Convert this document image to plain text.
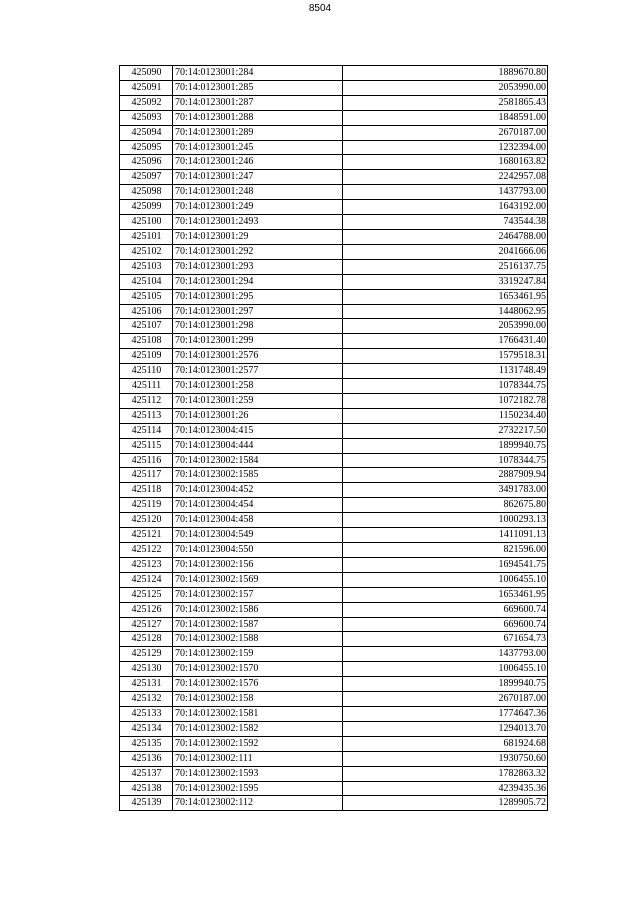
8504
425090	70:14:0123001:284	1889670.80
425091	70:14:0123001:285	2053990.00
425092	70:14:0123001:287	2581865.43
425093	70:14:0123001:288	1848591.00
425094	70:14:0123001:289	2670187.00
425095	70:14:0123001:245	1232394.00
425096	70:14:0123001:246	1680163.82
425097	70:14:0123001:247	2242957.08
425098	70:14:0123001:248	1437793.00
425099	70:14:0123001:249	1643192.00
425100	70:14:0123001:2493	743544.38
425101	70:14:0123001:29	2464788.00
425102	70:14:0123001:292	2041666.06
425103	70:14:0123001:293	2516137.75
425104	70:14:0123001:294	3319247.84
425105	70:14:0123001:295	1653461.95
425106	70:14:0123001:297	1448062.95
425107	70:14:0123001:298	2053990.00
425108	70:14:0123001:299	1766431.40
425109	70:14:0123001:2576	1579518.31
425110	70:14:0123001:2577	1131748.49
425111	70:14:0123001:258	1078344.75
425112	70:14:0123001:259	1072182.78
425113	70:14:0123001:26	1150234.40
425114	70:14:0123004:415	2732217.50
425115	70:14:0123004:444	1899940.75
425116	70:14:0123002:1584	1078344.75
425117	70:14:0123002:1585	2887909.94
425118	70:14:0123004:452	3491783.00
425119	70:14:0123004:454	862675.80
425120	70:14:0123004:458	1000293.13
425121	70:14:0123004:549	1411091.13
425122	70:14:0123004:550	821596.00
425123	70:14:0123002:156	1694541.75
425124	70:14:0123002:1569	1006455.10
425125	70:14:0123002:157	1653461.95
425126	70:14:0123002:1586	669600.74
425127	70:14:0123002:1587	669600.74
425128	70:14:0123002:1588	671654.73
425129	70:14:0123002:159	1437793.00
425130	70:14:0123002:1570	1006455.10
425131	70:14:0123002:1576	1899940.75
425132	70:14:0123002:158	2670187.00
425133	70:14:0123002:1581	1774647.36
425134	70:14:0123002:1582	1294013.70
425135	70:14:0123002:1592	681924.68
425136	70:14:0123002:111	1930750.60
425137	70:14:0123002:1593	1782863.32
425138	70:14:0123002:1595	4239435.36
425139	70:14:0123002:112	1289905.72
